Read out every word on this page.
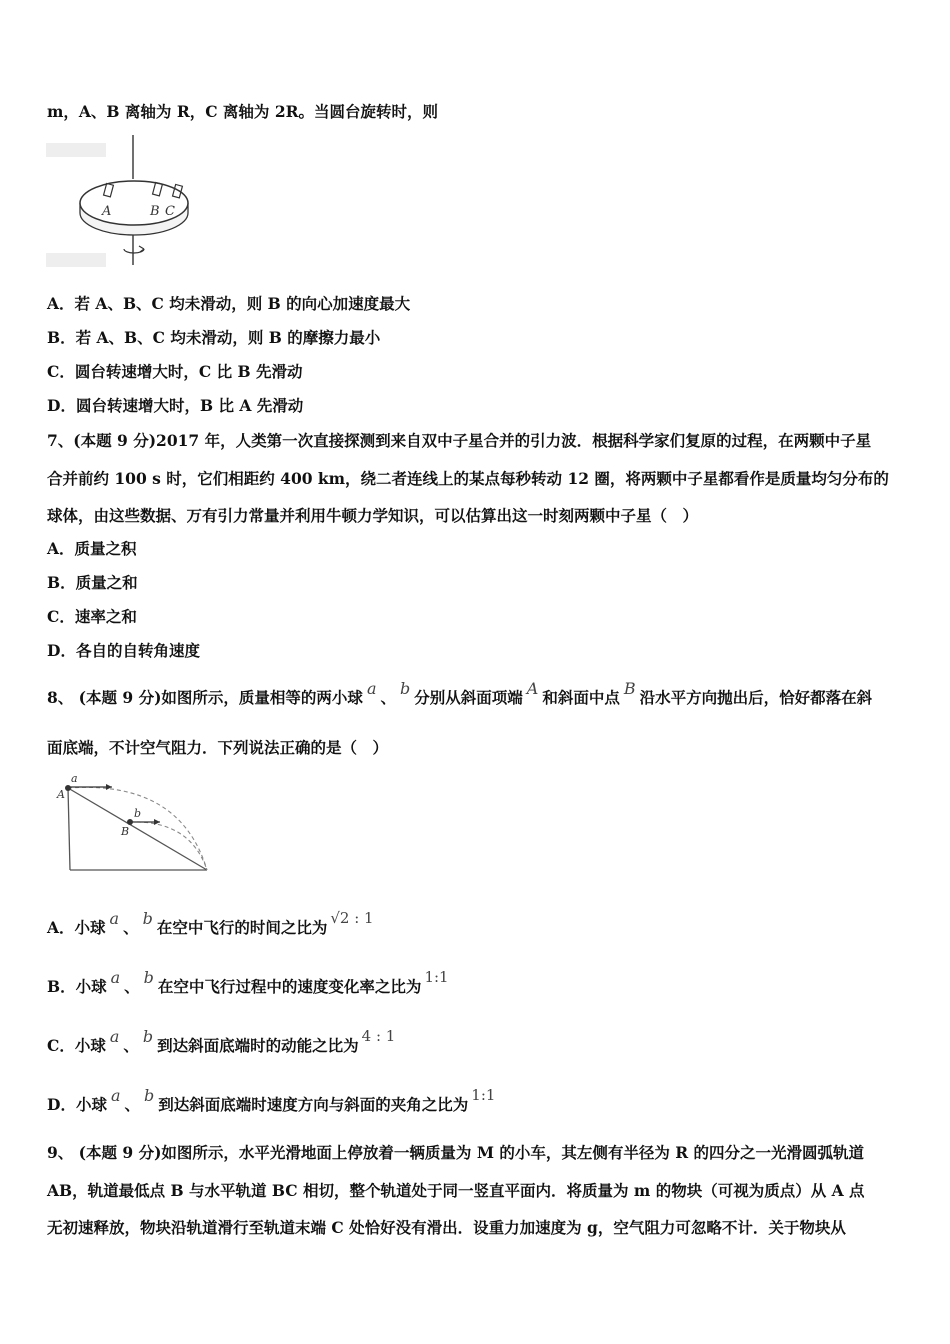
m，A、B 离轴为 R，C 离轴为 2R。当圆台旋转时，则
A	B C
A．若 A、B、C 均未滑动，则 B 的向心加速度最大
B．若 A、B、C 均未滑动，则 B 的摩擦力最小
C．圆台转速增大时，C 比 B 先滑动
D．圆台转速增大时，B 比 A 先滑动
7、(本题 9 分)2017 年，人类第一次直接探测到来自双中子星合并的引力波．根据科学家们复原的过程，在两颗中子星
合并前约 100 s 时，它们相距约 400 km，绕二者连线上的某点每秒转动 12 圈，将两颗中子星都看作是质量均匀分布的
球体，由这些数据、万有引力常量并利用牛顿力学知识，可以估算出这一时刻两颗中子星（　）
A．质量之积
B．质量之和
C．速率之和
D．各自的自转角速度
8、 (本题 9 分)如图所示，质量相等的两小球 a 、 b 分别从斜面项端 A 和斜面中点 B 沿水平方向抛出后，恰好都落在斜
面底端，不计空气阻力．下列说法正确的是（　）
a
A
b
B
A．小球 a 、 b 在空中飞行的时间之比为 √2 : 1
B．小球 a 、 b 在空中飞行过程中的速度变化率之比为 1:1
C．小球 a 、 b 到达斜面底端时的动能之比为 4 : 1
D．小球 a 、 b 到达斜面底端时速度方向与斜面的夹角之比为 1:1
9、 (本题 9 分)如图所示，水平光滑地面上停放着一辆质量为 M 的小车，其左侧有半径为 R 的四分之一光滑圆弧轨道
AB，轨道最低点 B 与水平轨道 BC 相切，整个轨道处于同一竖直平面内．将质量为 m 的物块（可视为质点）从 A 点
无初速释放，物块沿轨道滑行至轨道末端 C 处恰好没有滑出．设重力加速度为 g，空气阻力可忽略不计．关于物块从
